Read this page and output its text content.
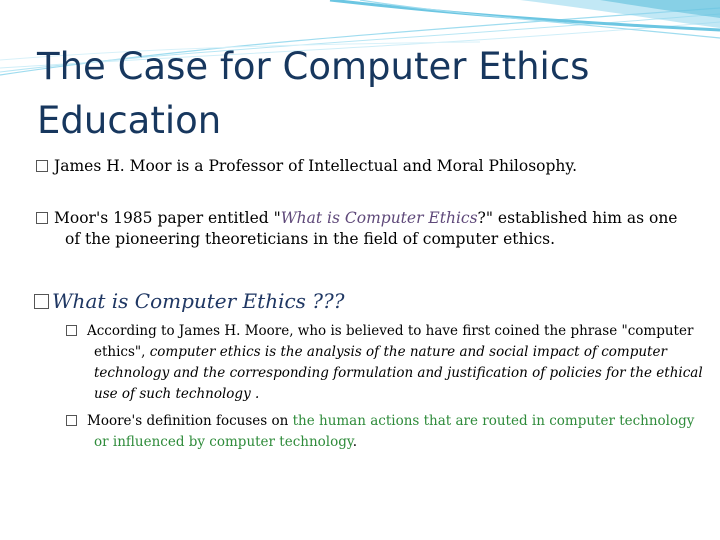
The Case for Computer Ethics Education
James H. Moor is a Professor of Intellectual and Moral Philosophy.
Moor's 1985 paper entitled "What is Computer Ethics?" established him as one
of the pioneering theoreticians in the field of computer ethics.
What is Computer Ethics ???
According to James H. Moore, who is believed to have first coined the phrase "computer ethics", computer ethics is the analysis of the nature and social impact of computer technology and the corresponding formulation and justification of policies for the ethical use of such technology .
Moore's definition focuses on the human actions that are routed in computer technology or influenced by computer technology.
